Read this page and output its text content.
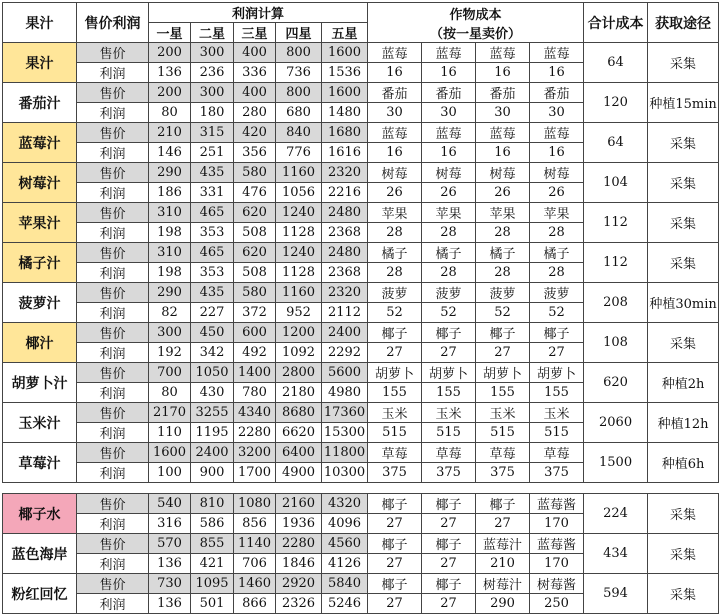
果汁	售价利润	利润计算					作物成本
（按一星卖价）				合计成本	获取途径
		一星	二星	三星	四星	五星						
果汁	售价	200	300	400	800	1600	蓝莓	蓝莓	蓝莓	蓝莓	64	采集
	利润	136	236	336	736	1536	16	16	16	16		
番茄汁	售价	200	300	400	800	1600	番茄	番茄	番茄	番茄	120	种植15min
	利润	80	180	280	680	1480	30	30	30	30		
蓝莓汁	售价	210	315	420	840	1680	蓝莓	蓝莓	蓝莓	蓝莓	64	采集
	利润	146	251	356	776	1616	16	16	16	16		
树莓汁	售价	290	435	580	1160	2320	树莓	树莓	树莓	树莓	104	采集
	利润	186	331	476	1056	2216	26	26	26	26		
苹果汁	售价	310	465	620	1240	2480	苹果	苹果	苹果	苹果	112	采集
	利润	198	353	508	1128	2368	28	28	28	28		
橘子汁	售价	310	465	620	1240	2480	橘子	橘子	橘子	橘子	112	采集
	利润	198	353	508	1128	2368	28	28	28	28		
菠萝汁	售价	290	435	580	1160	2320	菠萝	菠萝	菠萝	菠萝	208	种植30min
	利润	82	227	372	952	2112	52	52	52	52		
椰汁	售价	300	450	600	1200	2400	椰子	椰子	椰子	椰子	108	采集
	利润	192	342	492	1092	2292	27	27	27	27		
胡萝卜汁	售价	700	1050	1400	2800	5600	胡萝卜	胡萝卜	胡萝卜	胡萝卜	620	种植2h
	利润	80	430	780	2180	4980	155	155	155	155		
玉米汁	售价	2170	3255	4340	8680	17360	玉米	玉米	玉米	玉米	2060	种植12h
	利润	110	1195	2280	6620	15300	515	515	515	515		
草莓汁	售价	1600	2400	3200	6400	11800	草莓	草莓	草莓	草莓	1500	种植6h
	利润	100	900	1700	4900	10300	375	375	375	375		

椰子水	售价	540	810	1080	2160	4320	椰子	椰子	椰子	蓝莓酱	224	采集
	利润	316	586	856	1936	4096	27	27	27	170		
蓝色海岸	售价	570	855	1140	2280	4560	椰子	椰子	蓝莓汁	蓝莓酱	434	采集
	利润	136	421	706	1846	4126	27	27	210	170		
粉红回忆	售价	730	1095	1460	2920	5840	椰子	椰子	树莓汁	树莓酱	594	采集
	利润	136	501	866	2326	5246	27	27	290	250		
